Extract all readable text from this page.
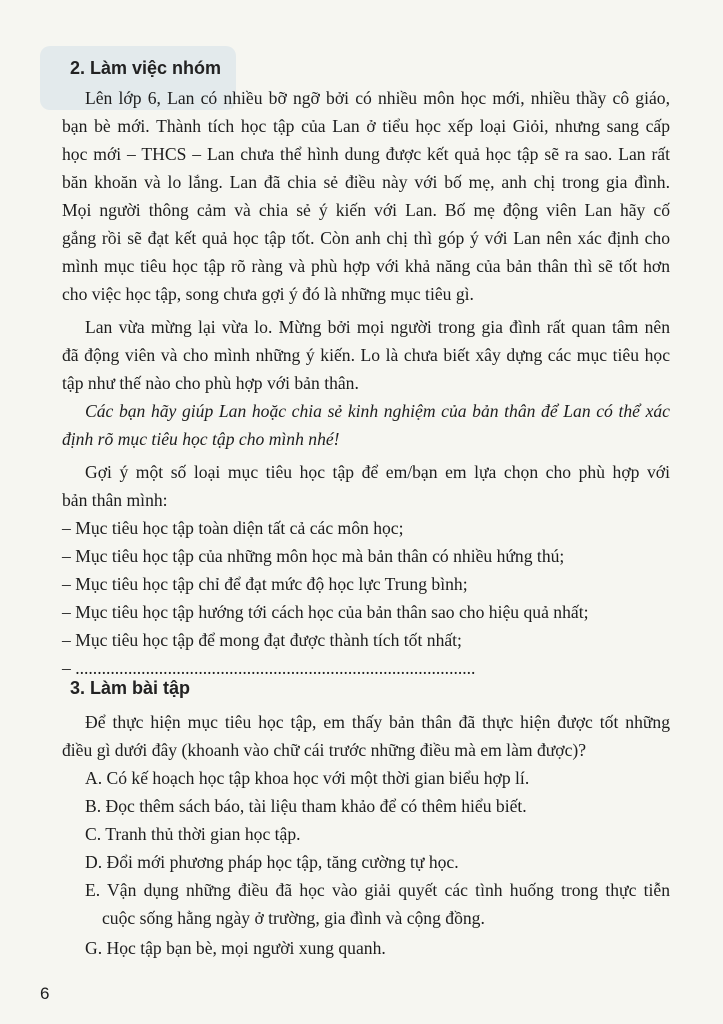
2. Làm việc nhóm
Lên lớp 6, Lan có nhiều bỡ ngỡ bởi có nhiều môn học mới, nhiều thầy cô giáo,
bạn bè mới. Thành tích học tập của Lan ở tiểu học xếp loại Giỏi, nhưng sang cấp
học mới – THCS – Lan chưa thể hình dung được kết quả học tập sẽ ra sao. Lan rất
băn khoăn và lo lắng. Lan đã chia sẻ điều này với bố mẹ, anh chị trong gia đình.
Mọi người thông cảm và chia sẻ ý kiến với Lan. Bố mẹ động viên Lan hãy cố
gắng rồi sẽ đạt kết quả học tập tốt. Còn anh chị thì góp ý với Lan nên xác định cho
mình mục tiêu học tập rõ ràng và phù hợp với khả năng của bản thân thì sẽ tốt hơn
cho việc học tập, song chưa gợi ý đó là những mục tiêu gì.
Lan vừa mừng lại vừa lo. Mừng bởi mọi người trong gia đình rất quan tâm nên
đã động viên và cho mình những ý kiến. Lo là chưa biết xây dựng các mục tiêu học
tập như thế nào cho phù hợp với bản thân.
Các bạn hãy giúp Lan hoặc chia sẻ kinh nghiệm của bản thân để Lan có thể xác
định rõ mục tiêu học tập cho mình nhé!
Gợi ý một số loại mục tiêu học tập để em/bạn em lựa chọn cho phù hợp với
bản thân mình:
– Mục tiêu học tập toàn diện tất cả các môn học;
– Mục tiêu học tập của những môn học mà bản thân có nhiều hứng thú;
– Mục tiêu học tập chỉ để đạt mức độ học lực Trung bình;
– Mục tiêu học tập hướng tới cách học của bản thân sao cho hiệu quả nhất;
– Mục tiêu học tập để mong đạt được thành tích tốt nhất;
– ...........................................................................................
3. Làm bài tập
Để thực hiện mục tiêu học tập, em thấy bản thân đã thực hiện được tốt những
điều gì dưới đây (khoanh vào chữ cái trước những điều mà em làm được)?
A. Có kế hoạch học tập khoa học với một thời gian biểu hợp lí.
B. Đọc thêm sách báo, tài liệu tham khảo để có thêm hiểu biết.
C. Tranh thủ thời gian học tập.
D. Đổi mới phương pháp học tập, tăng cường tự học.
E. Vận dụng những điều đã học vào giải quyết các tình huống trong thực tiễn
cuộc sống hằng ngày ở trường, gia đình và cộng đồng.
G. Học tập bạn bè, mọi người xung quanh.
6
